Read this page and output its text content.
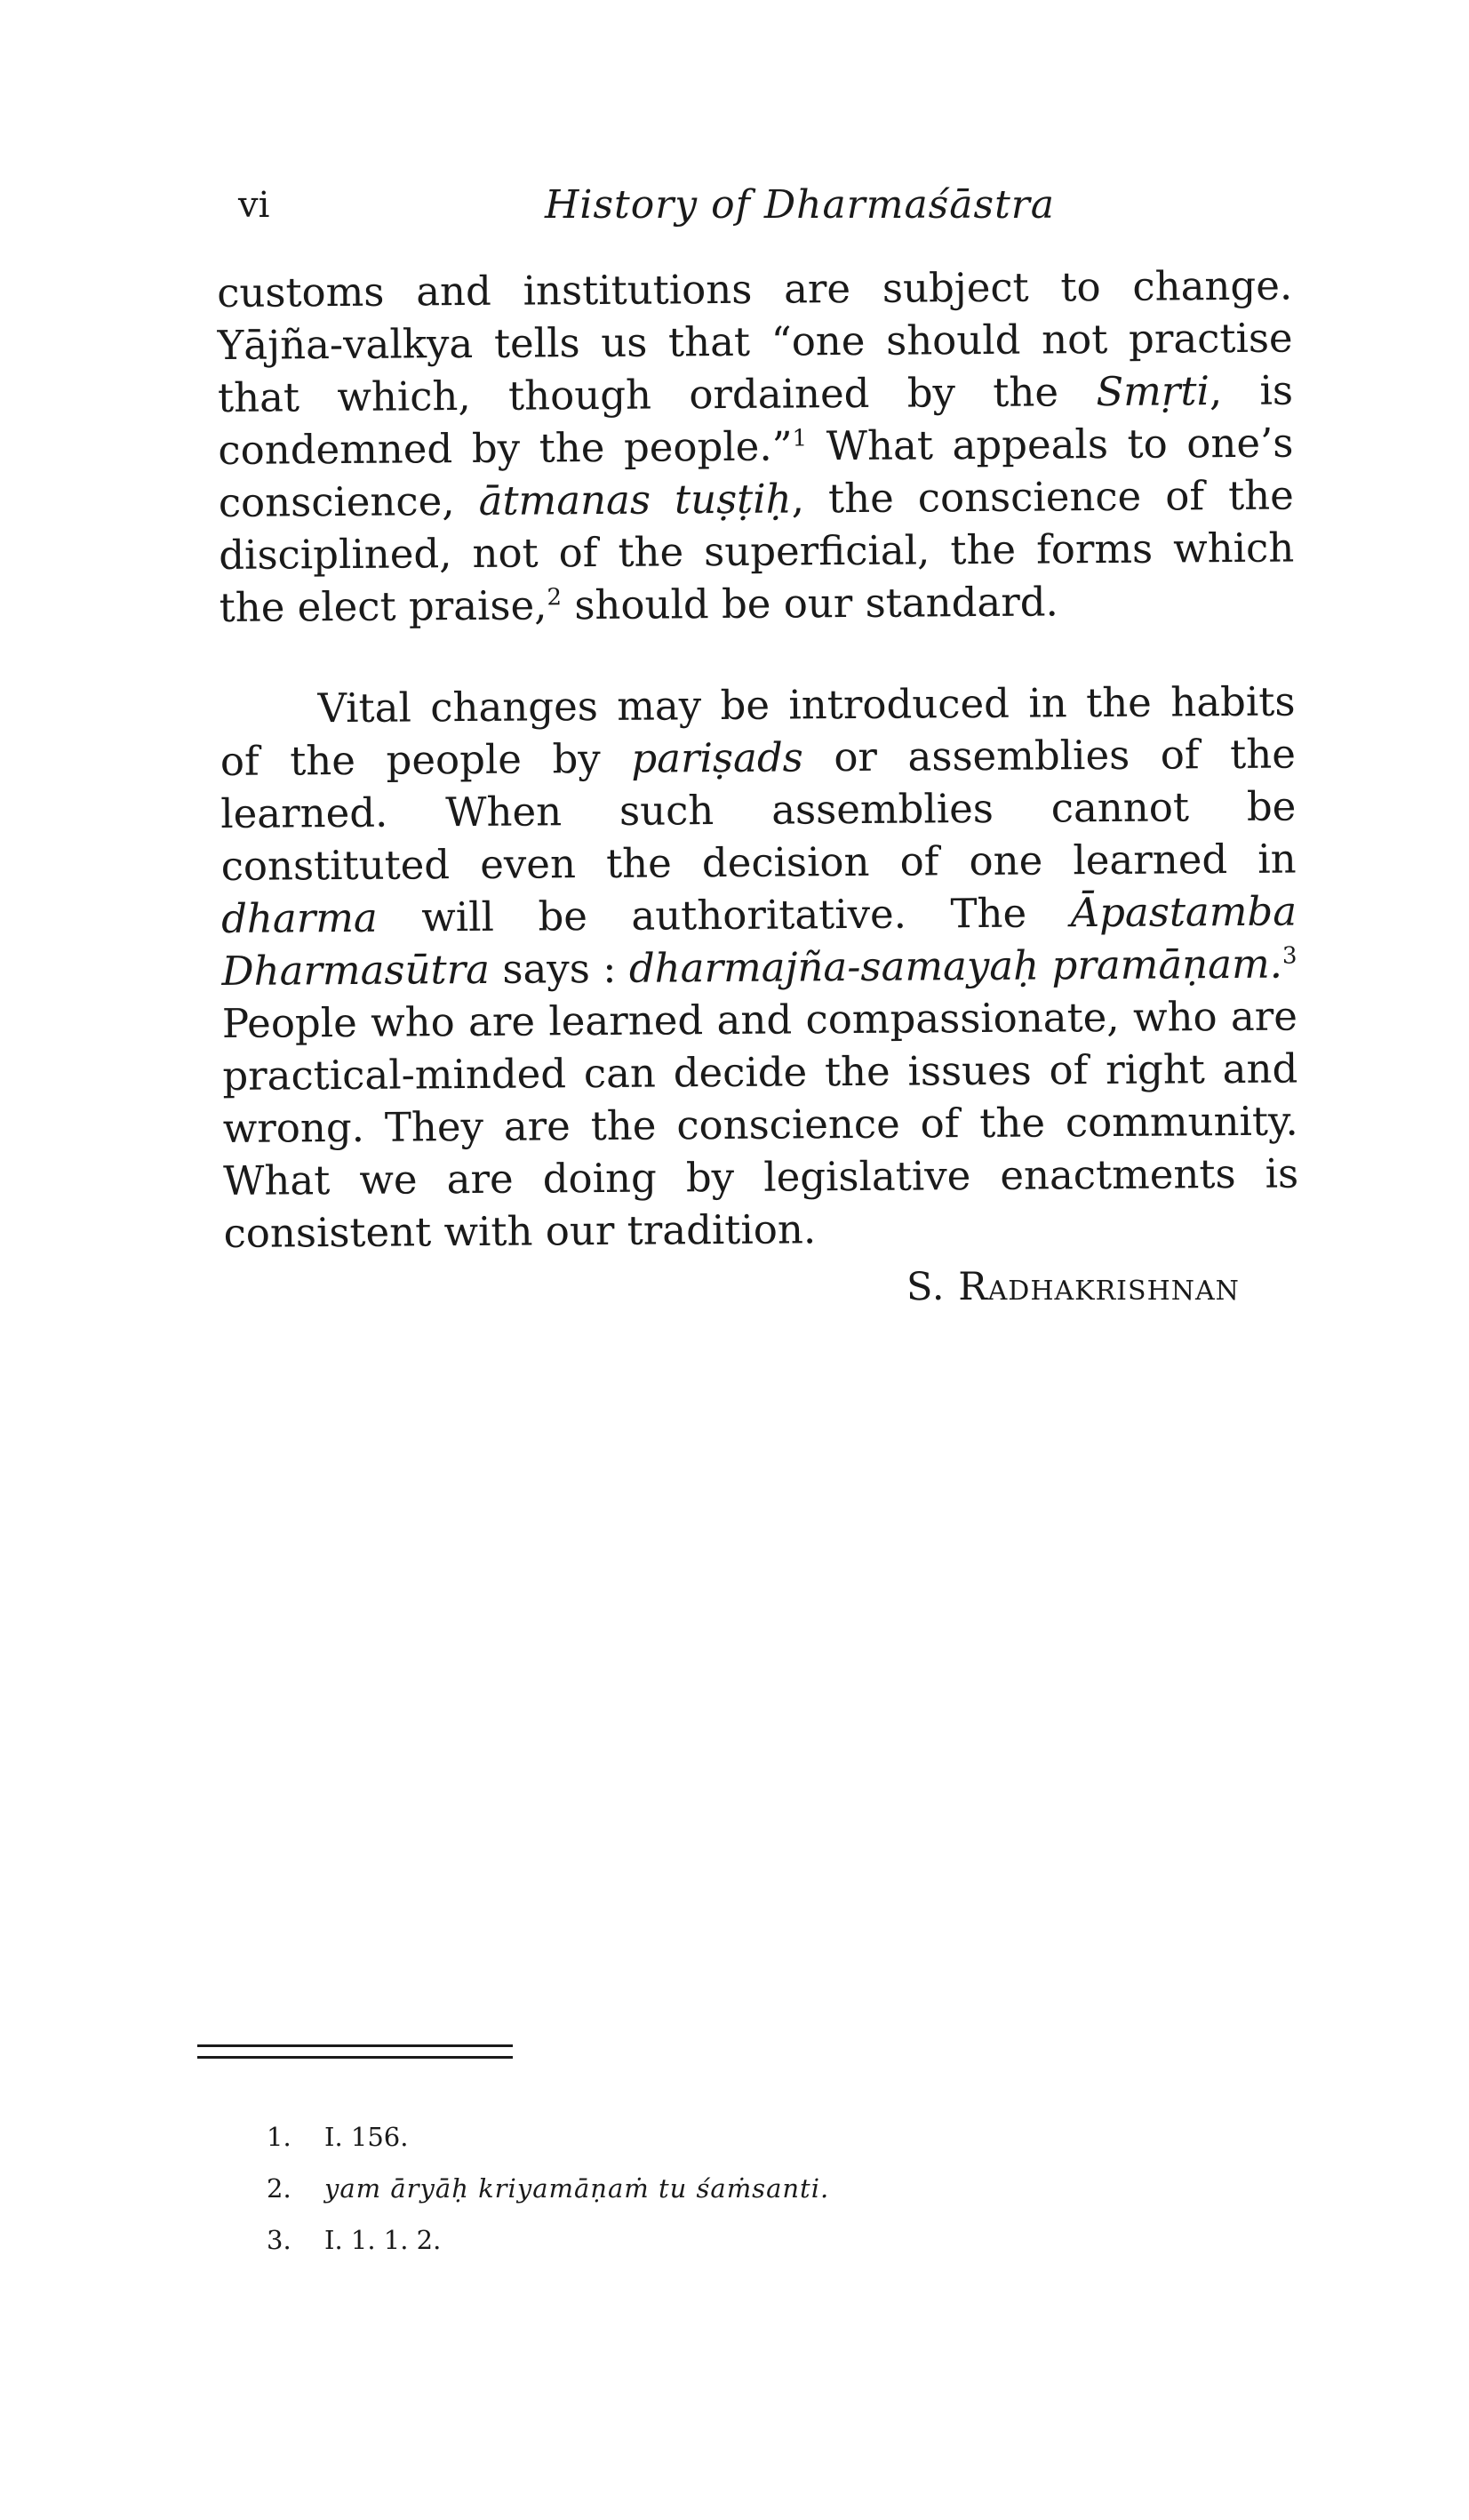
vi	History of Dharmaśāstra

customs and institutions are subject to change. Yājña-valkya tells us that “one should not practise that which, though ordained by the Smṛti, is condemned by the people.”$^1$ What appeals to one’s conscience, ātmanas tuṣṭiḥ, the conscience of the disciplined, not of the superficial, the forms which the elect praise,$^2$ should be our standard.

Vital changes may be introduced in the habits of the people by pariṣads or assemblies of the learned. When such assemblies cannot be constituted even the decision of one learned in dharma will be authoritative. The Āpastamba Dharmasūtra says : dharmajña-samayaḥ pramāṇam.$^3$ People who are learned and compassionate, who are practical-minded can decide the issues of right and wrong. They are the conscience of the community. What we are doing by legislative enactments is consistent with our tradition.

S. Radhakrishnan
1. I. 156.
2. yam āryāḥ kriyamāṇaṁ tu śaṁsanti.
3. I. 1. 1. 2.
